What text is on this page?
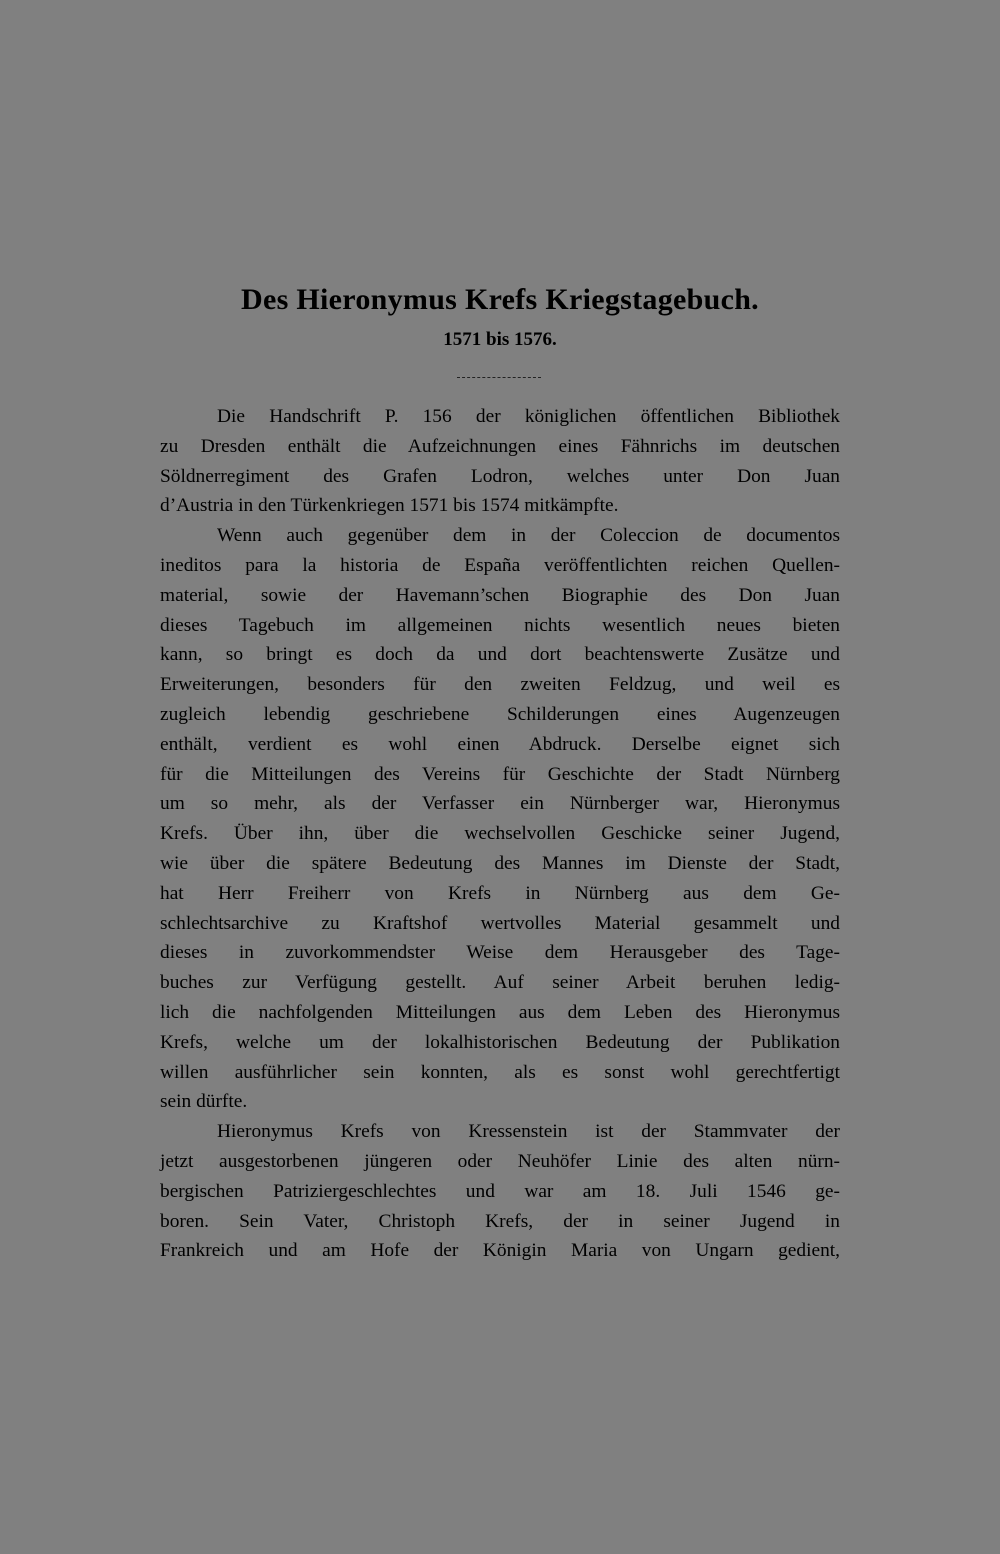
Des Hieronymus Krefs Kriegstagebuch.
1571 bis 1576.
Die Handschrift P. 156 der königlichen öffentlichen Bibliothek
zu Dresden enthält die Aufzeichnungen eines Fähnrichs im deutschen
Söldnerregiment des Grafen Lodron, welches unter Don Juan
d’Austria in den Türkenkriegen 1571 bis 1574 mitkämpfte.
Wenn auch gegenüber dem in der Coleccion de documentos
ineditos para la historia de España veröffentlichten reichen Quellen-
material, sowie der Havemann’schen Biographie des Don Juan
dieses Tagebuch im allgemeinen nichts wesentlich neues bieten
kann, so bringt es doch da und dort beachtenswerte Zusätze und
Erweiterungen, besonders für den zweiten Feldzug, und weil es
zugleich lebendig geschriebene Schilderungen eines Augenzeugen
enthält, verdient es wohl einen Abdruck. Derselbe eignet sich
für die Mitteilungen des Vereins für Geschichte der Stadt Nürnberg
um so mehr, als der Verfasser ein Nürnberger war, Hieronymus
Krefs. Über ihn, über die wechselvollen Geschicke seiner Jugend,
wie über die spätere Bedeutung des Mannes im Dienste der Stadt,
hat Herr Freiherr von Krefs in Nürnberg aus dem Ge-
schlechtsarchive zu Kraftshof wertvolles Material gesammelt und
dieses in zuvorkommendster Weise dem Herausgeber des Tage-
buches zur Verfügung gestellt. Auf seiner Arbeit beruhen ledig-
lich die nachfolgenden Mitteilungen aus dem Leben des Hieronymus
Krefs, welche um der lokalhistorischen Bedeutung der Publikation
willen ausführlicher sein konnten, als es sonst wohl gerechtfertigt
sein dürfte.
Hieronymus Krefs von Kressenstein ist der Stammvater der
jetzt ausgestorbenen jüngeren oder Neuhöfer Linie des alten nürn-
bergischen Patriziergeschlechtes und war am 18. Juli 1546 ge-
boren. Sein Vater, Christoph Krefs, der in seiner Jugend in
Frankreich und am Hofe der Königin Maria von Ungarn gedient,
